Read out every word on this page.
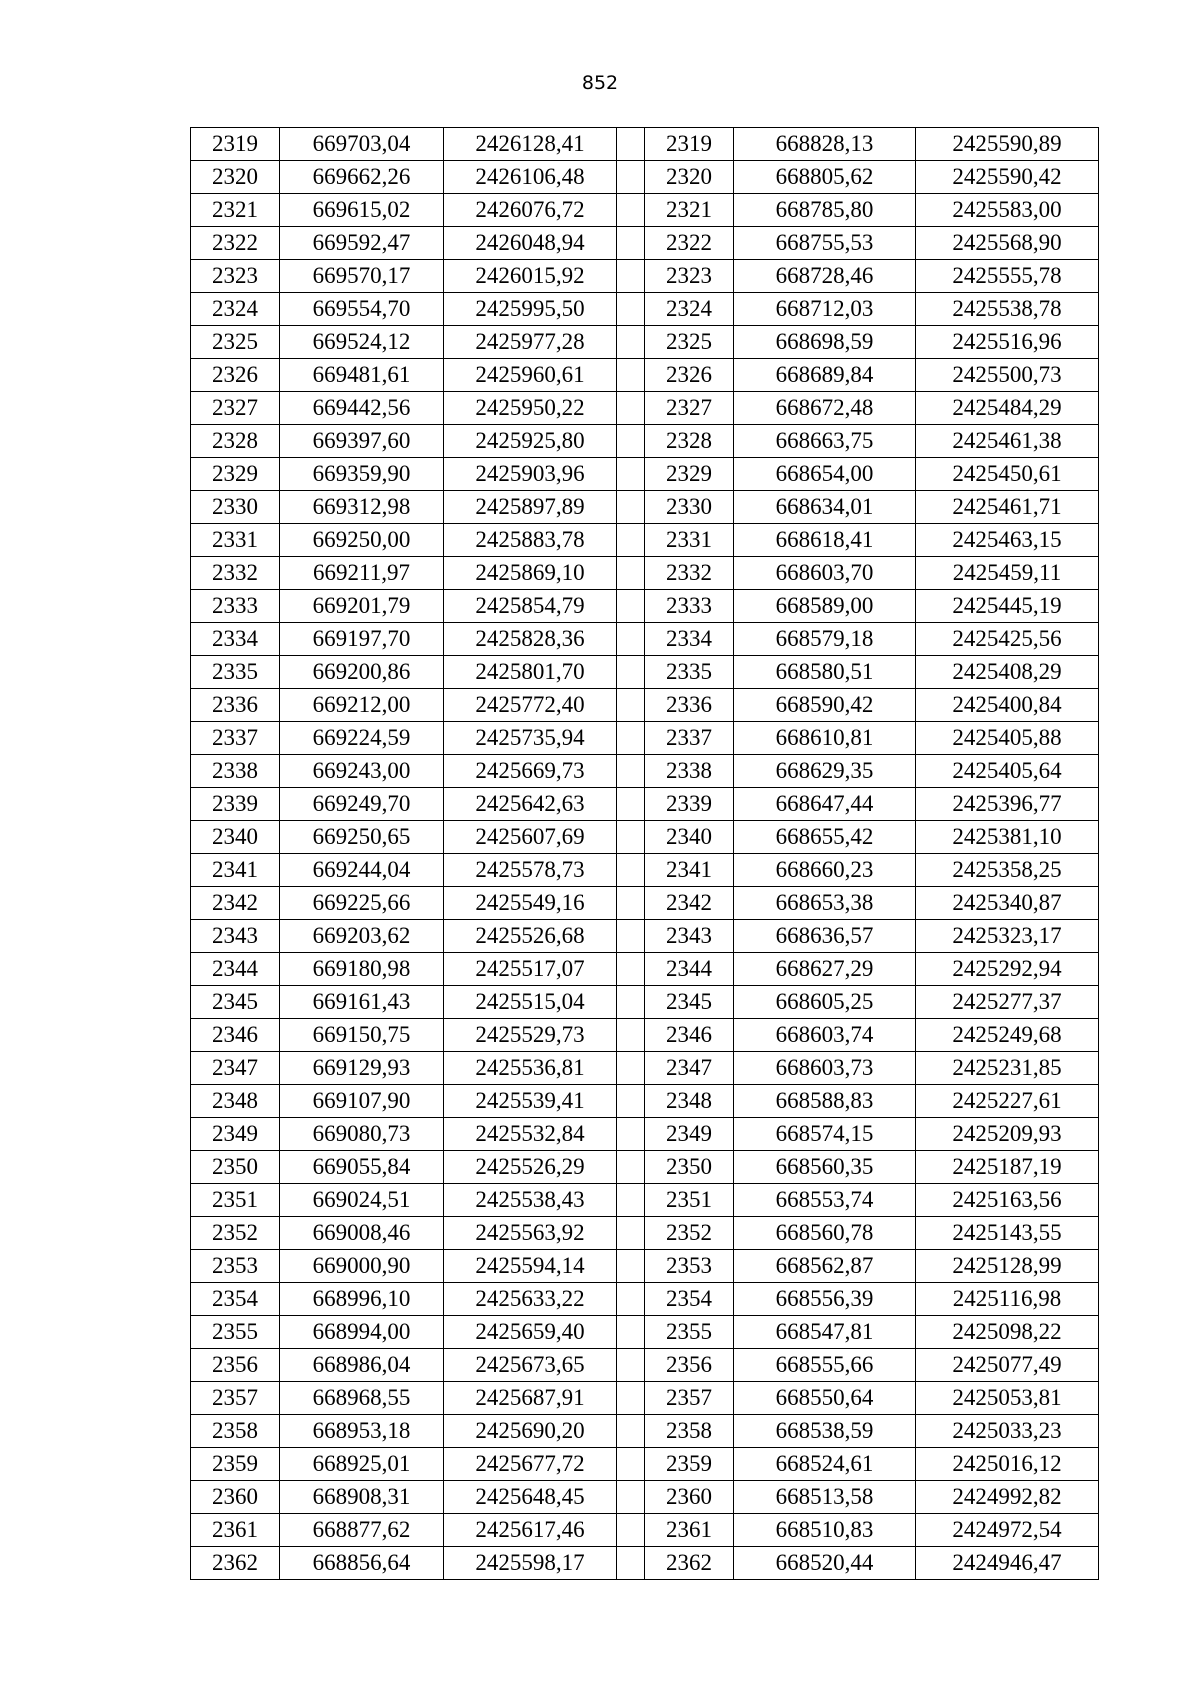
852
2319	669703,04	2426128,41		2319	668828,13	2425590,89
2320	669662,26	2426106,48		2320	668805,62	2425590,42
2321	669615,02	2426076,72		2321	668785,80	2425583,00
2322	669592,47	2426048,94		2322	668755,53	2425568,90
2323	669570,17	2426015,92		2323	668728,46	2425555,78
2324	669554,70	2425995,50		2324	668712,03	2425538,78
2325	669524,12	2425977,28		2325	668698,59	2425516,96
2326	669481,61	2425960,61		2326	668689,84	2425500,73
2327	669442,56	2425950,22		2327	668672,48	2425484,29
2328	669397,60	2425925,80		2328	668663,75	2425461,38
2329	669359,90	2425903,96		2329	668654,00	2425450,61
2330	669312,98	2425897,89		2330	668634,01	2425461,71
2331	669250,00	2425883,78		2331	668618,41	2425463,15
2332	669211,97	2425869,10		2332	668603,70	2425459,11
2333	669201,79	2425854,79		2333	668589,00	2425445,19
2334	669197,70	2425828,36		2334	668579,18	2425425,56
2335	669200,86	2425801,70		2335	668580,51	2425408,29
2336	669212,00	2425772,40		2336	668590,42	2425400,84
2337	669224,59	2425735,94		2337	668610,81	2425405,88
2338	669243,00	2425669,73		2338	668629,35	2425405,64
2339	669249,70	2425642,63		2339	668647,44	2425396,77
2340	669250,65	2425607,69		2340	668655,42	2425381,10
2341	669244,04	2425578,73		2341	668660,23	2425358,25
2342	669225,66	2425549,16		2342	668653,38	2425340,87
2343	669203,62	2425526,68		2343	668636,57	2425323,17
2344	669180,98	2425517,07		2344	668627,29	2425292,94
2345	669161,43	2425515,04		2345	668605,25	2425277,37
2346	669150,75	2425529,73		2346	668603,74	2425249,68
2347	669129,93	2425536,81		2347	668603,73	2425231,85
2348	669107,90	2425539,41		2348	668588,83	2425227,61
2349	669080,73	2425532,84		2349	668574,15	2425209,93
2350	669055,84	2425526,29		2350	668560,35	2425187,19
2351	669024,51	2425538,43		2351	668553,74	2425163,56
2352	669008,46	2425563,92		2352	668560,78	2425143,55
2353	669000,90	2425594,14		2353	668562,87	2425128,99
2354	668996,10	2425633,22		2354	668556,39	2425116,98
2355	668994,00	2425659,40		2355	668547,81	2425098,22
2356	668986,04	2425673,65		2356	668555,66	2425077,49
2357	668968,55	2425687,91		2357	668550,64	2425053,81
2358	668953,18	2425690,20		2358	668538,59	2425033,23
2359	668925,01	2425677,72		2359	668524,61	2425016,12
2360	668908,31	2425648,45		2360	668513,58	2424992,82
2361	668877,62	2425617,46		2361	668510,83	2424972,54
2362	668856,64	2425598,17		2362	668520,44	2424946,47
